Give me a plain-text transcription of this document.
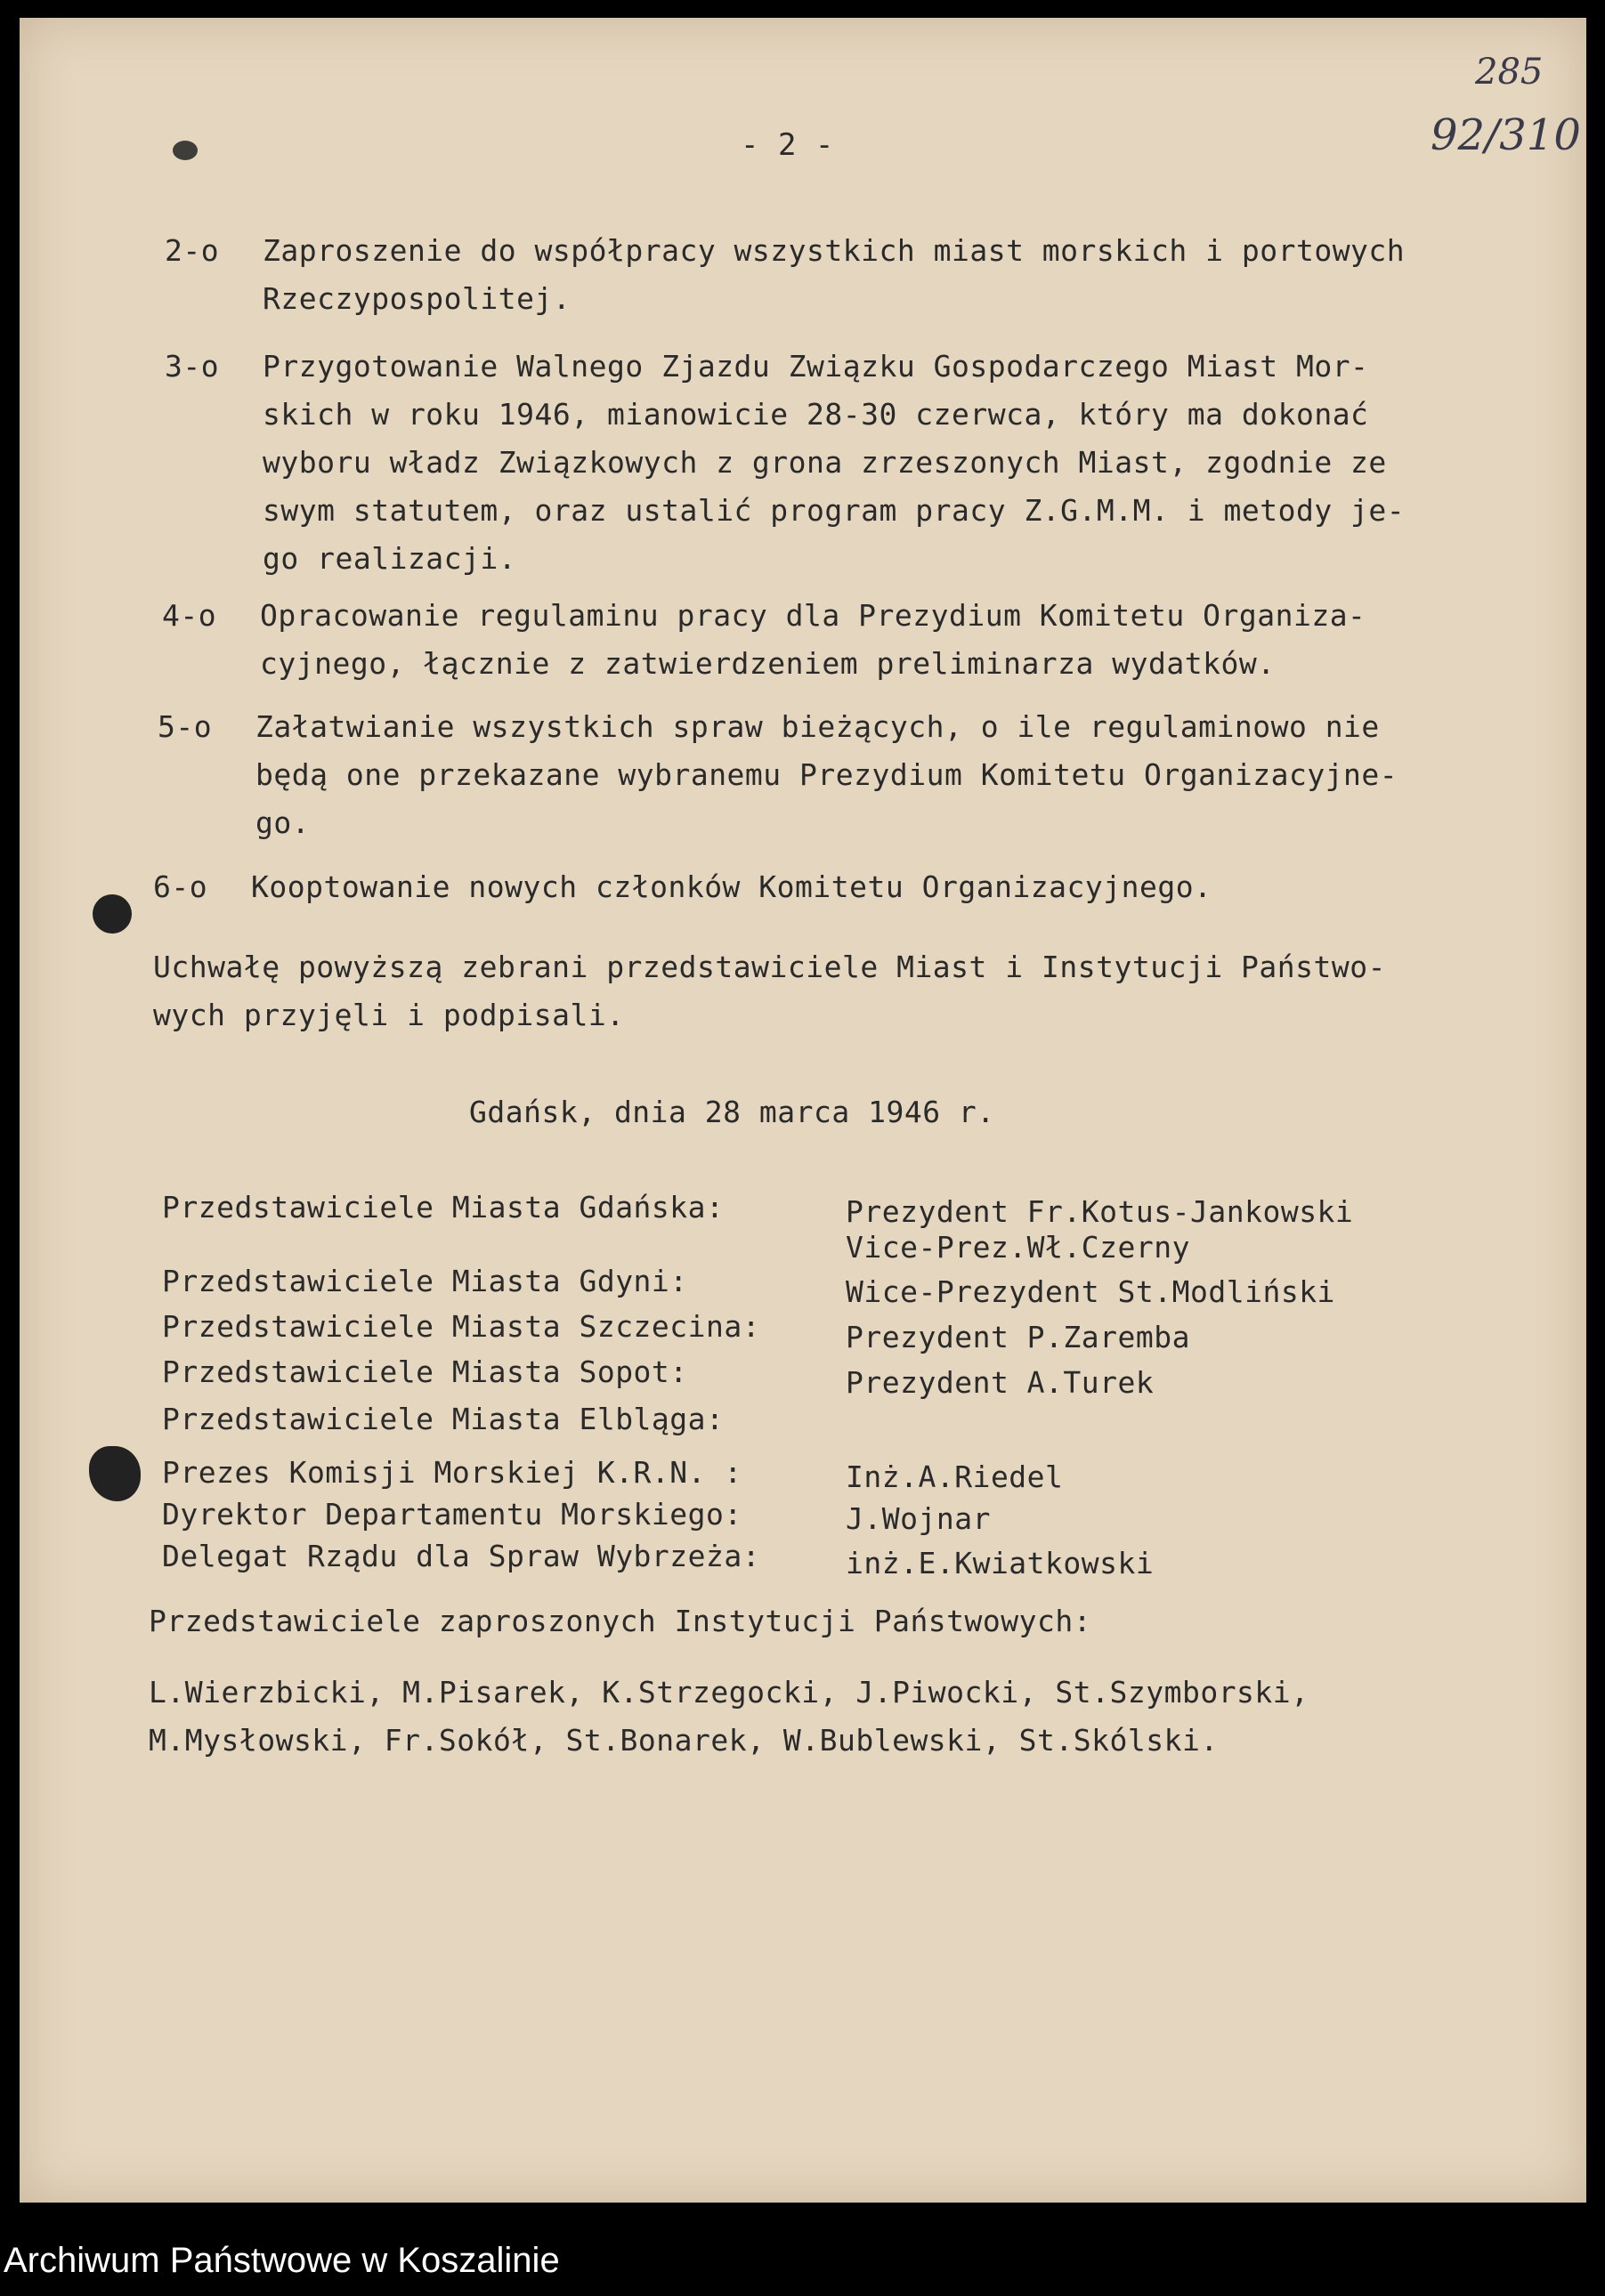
285
92/310
- 2 -
2-o Zaproszenie do współpracy wszystkich miast morskich i portowych
Rzeczypospolitej.
3-o Przygotowanie Walnego Zjazdu Związku Gospodarczego Miast Mor-
skich w roku 1946, mianowicie 28-30 czerwca, który ma dokonać
wyboru władz Związkowych z grona zrzeszonych Miast, zgodnie ze
swym statutem, oraz ustalić program pracy Z.G.M.M. i metody je-
go realizacji.
4-o Opracowanie regulaminu pracy dla Prezydium Komitetu Organiza-
cyjnego, łącznie z zatwierdzeniem preliminarza wydatków.
5-o Załatwianie wszystkich spraw bieżących, o ile regulaminowo nie
będą one przekazane wybranemu Prezydium Komitetu Organizacyjne-
go.
6-o Kooptowanie nowych członków Komitetu Organizacyjnego.
Uchwałę powyższą zebrani przedstawiciele Miast i Instytucji Państwo-
wych przyjęli i podpisali.
Gdańsk, dnia 28 marca 1946 r.
Przedstawiciele Miasta Gdańska:	Prezydent Fr.Kotus-Jankowski
Vice-Prez.Wł.Czerny
Przedstawiciele Miasta Gdyni:	Wice-Prezydent St.Modliński
Przedstawiciele Miasta Szczecina:	Prezydent P.Zaremba
Przedstawiciele Miasta Sopot:	Prezydent A.Turek
Przedstawiciele Miasta Elbląga:
Prezes Komisji Morskiej K.R.N. :	Inż.A.Riedel
Dyrektor Departamentu Morskiego:	J.Wojnar
Delegat Rządu dla Spraw Wybrzeża:	inż.E.Kwiatkowski
Przedstawiciele zaproszonych Instytucji Państwowych:
L.Wierzbicki, M.Pisarek, K.Strzegocki, J.Piwocki, St.Szymborski,
M.Mysłowski, Fr.Sokół, St.Bonarek, W.Bublewski, St.Skólski.
Archiwum Państwowe w Koszalinie
